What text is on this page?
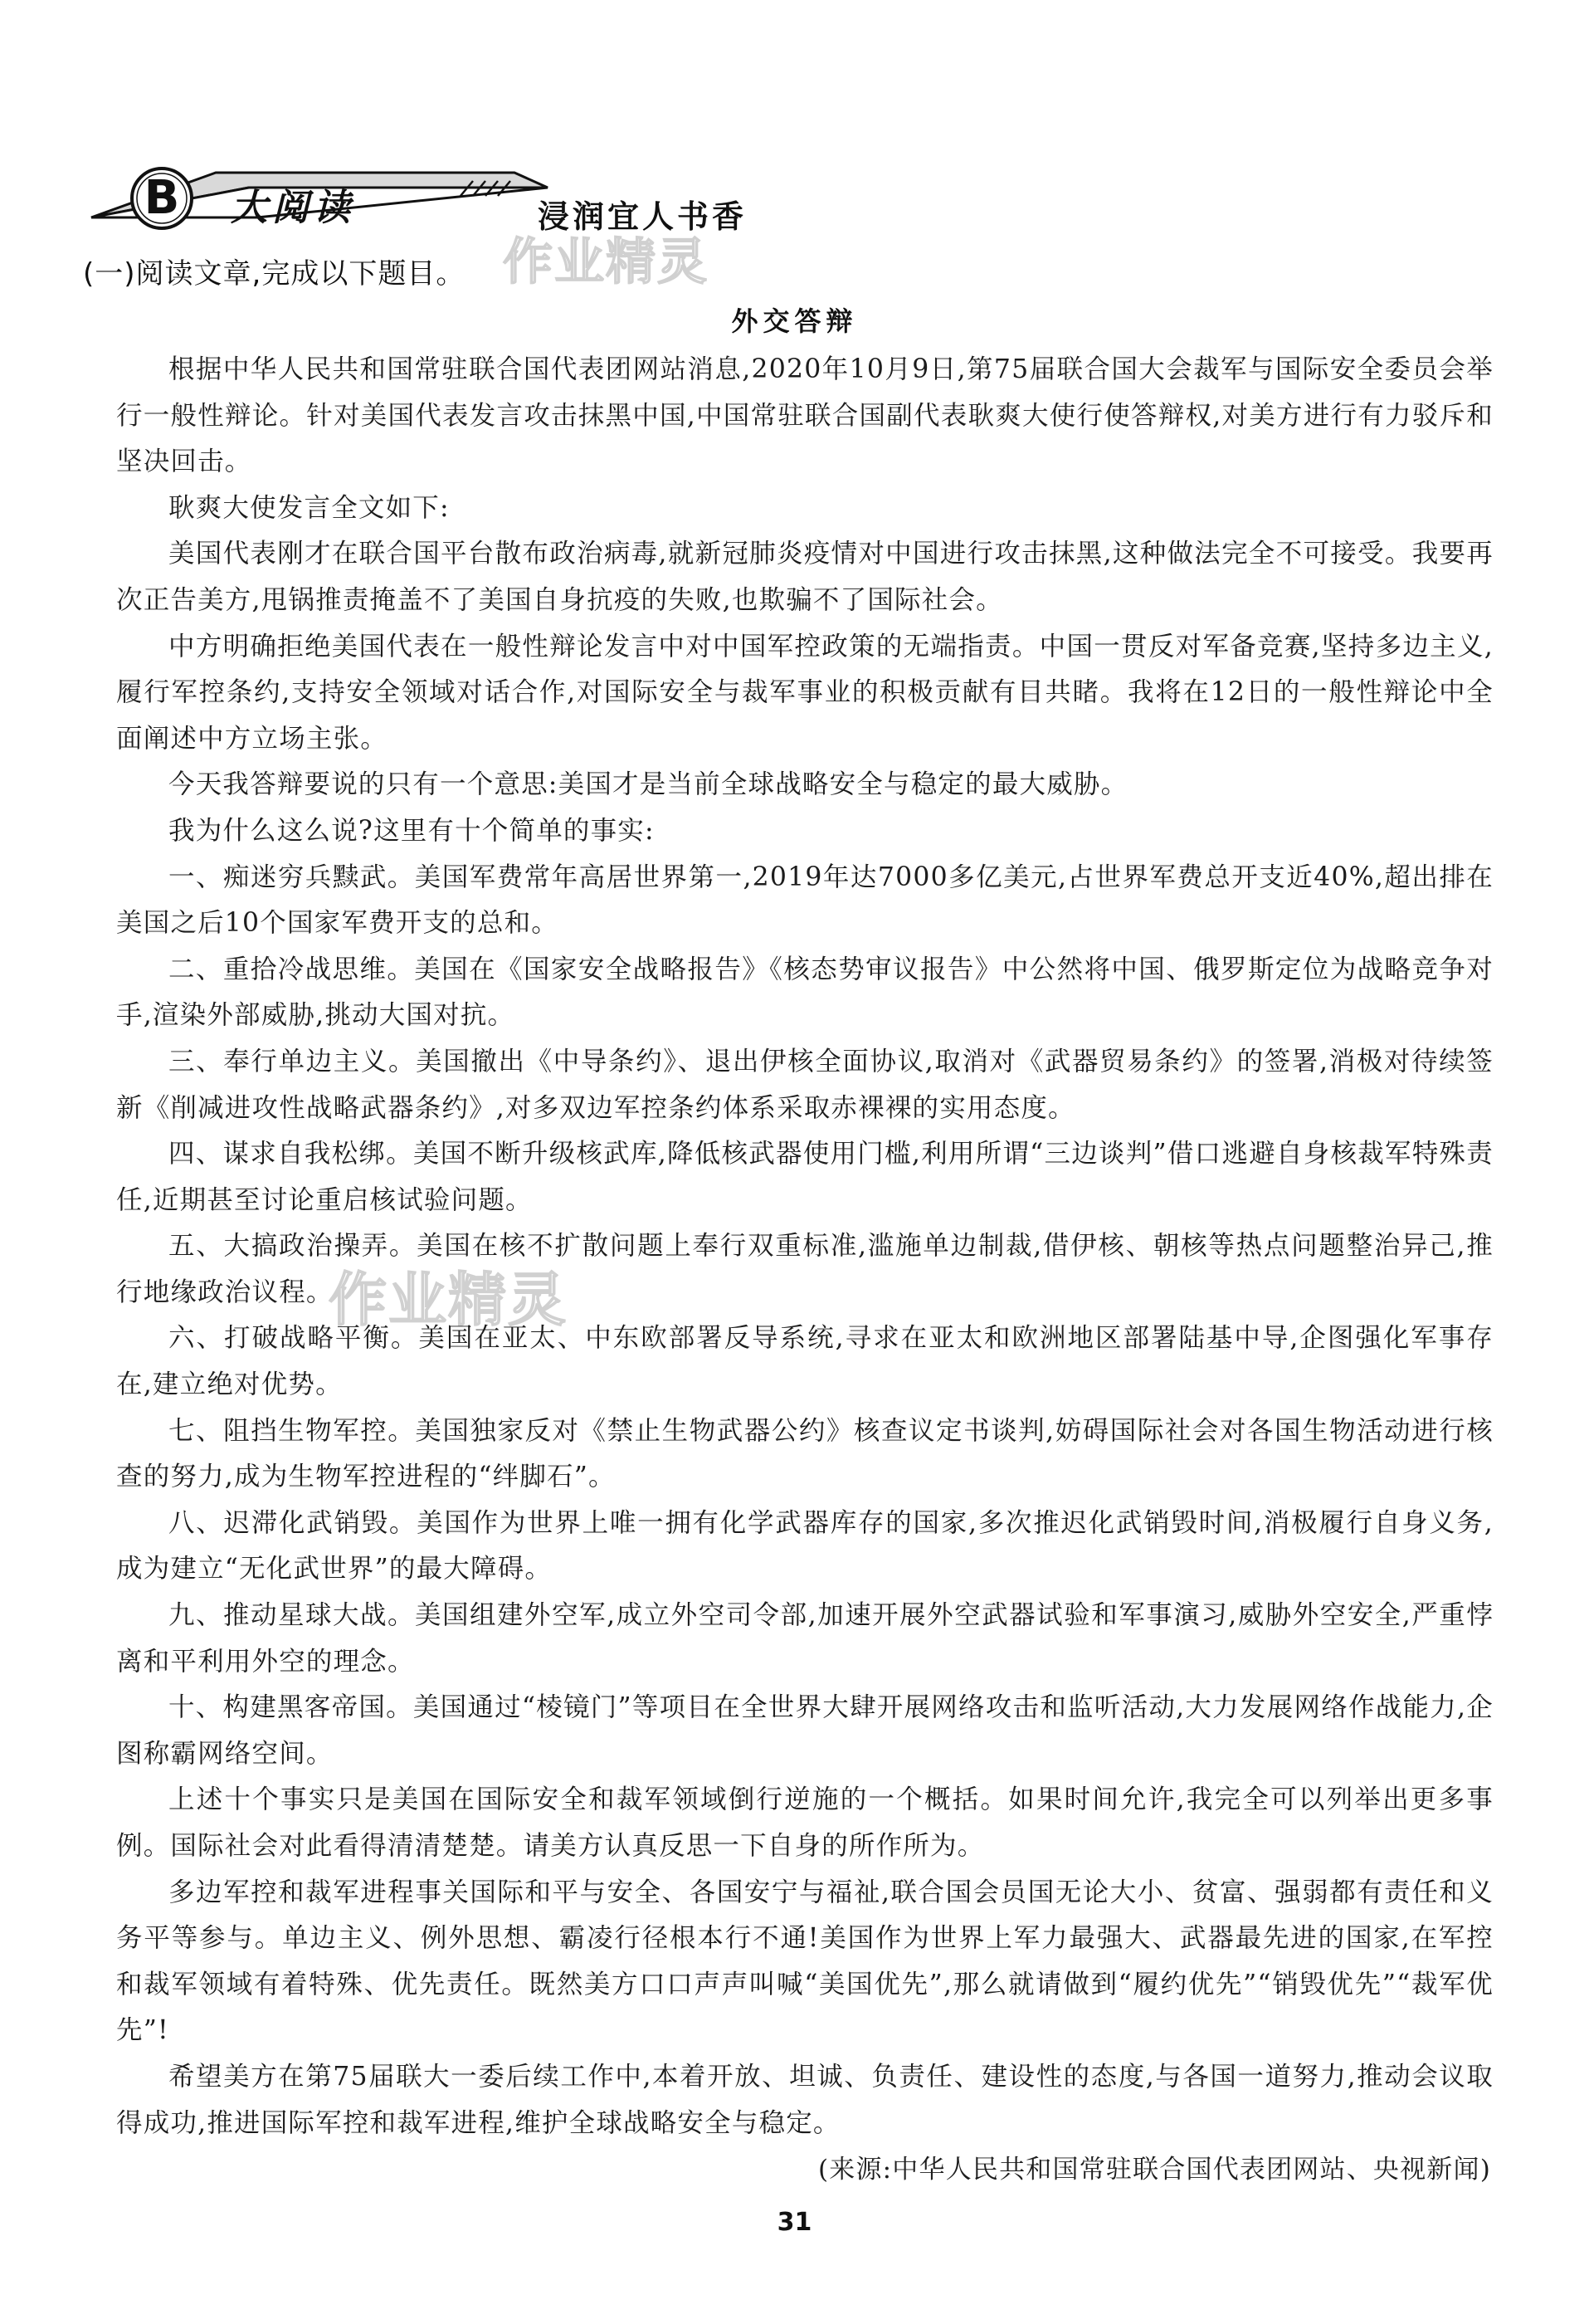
B	大阅读	浸润宜人书香
作业精灵
作业精灵
(一)阅读文章,完成以下题目。
外交答辩

根据中华人民共和国常驻联合国代表团网站消息,2020年10月9日,第75届联合国大会裁军与国际安全委员会举行一般性辩论。针对美国代表发言攻击抹黑中国,中国常驻联合国副代表耿爽大使行使答辩权,对美方进行有力驳斥和坚决回击。

耿爽大使发言全文如下:

美国代表刚才在联合国平台散布政治病毒,就新冠肺炎疫情对中国进行攻击抹黑,这种做法完全不可接受。我要再次正告美方,甩锅推责掩盖不了美国自身抗疫的失败,也欺骗不了国际社会。

中方明确拒绝美国代表在一般性辩论发言中对中国军控政策的无端指责。中国一贯反对军备竞赛,坚持多边主义,履行军控条约,支持安全领域对话合作,对国际安全与裁军事业的积极贡献有目共睹。我将在12日的一般性辩论中全面阐述中方立场主张。

今天我答辩要说的只有一个意思:美国才是当前全球战略安全与稳定的最大威胁。

我为什么这么说?这里有十个简单的事实:

一、痴迷穷兵黩武。美国军费常年高居世界第一,2019年达7000多亿美元,占世界军费总开支近40%,超出排在美国之后10个国家军费开支的总和。

二、重拾冷战思维。美国在《国家安全战略报告》《核态势审议报告》中公然将中国、俄罗斯定位为战略竞争对手,渲染外部威胁,挑动大国对抗。

三、奉行单边主义。美国撤出《中导条约》、退出伊核全面协议,取消对《武器贸易条约》的签署,消极对待续签新《削减进攻性战略武器条约》,对多双边军控条约体系采取赤裸裸的实用态度。

四、谋求自我松绑。美国不断升级核武库,降低核武器使用门槛,利用所谓“三边谈判”借口逃避自身核裁军特殊责任,近期甚至讨论重启核试验问题。

五、大搞政治操弄。美国在核不扩散问题上奉行双重标准,滥施单边制裁,借伊核、朝核等热点问题整治异己,推行地缘政治议程。

六、打破战略平衡。美国在亚太、中东欧部署反导系统,寻求在亚太和欧洲地区部署陆基中导,企图强化军事存在,建立绝对优势。

七、阻挡生物军控。美国独家反对《禁止生物武器公约》核查议定书谈判,妨碍国际社会对各国生物活动进行核查的努力,成为生物军控进程的“绊脚石”。

八、迟滞化武销毁。美国作为世界上唯一拥有化学武器库存的国家,多次推迟化武销毁时间,消极履行自身义务,成为建立“无化武世界”的最大障碍。

九、推动星球大战。美国组建外空军,成立外空司令部,加速开展外空武器试验和军事演习,威胁外空安全,严重悖离和平利用外空的理念。

十、构建黑客帝国。美国通过“棱镜门”等项目在全世界大肆开展网络攻击和监听活动,大力发展网络作战能力,企图称霸网络空间。

上述十个事实只是美国在国际安全和裁军领域倒行逆施的一个概括。如果时间允许,我完全可以列举出更多事例。国际社会对此看得清清楚楚。请美方认真反思一下自身的所作所为。

多边军控和裁军进程事关国际和平与安全、各国安宁与福祉,联合国会员国无论大小、贫富、强弱都有责任和义务平等参与。单边主义、例外思想、霸凌行径根本行不通!美国作为世界上军力最强大、武器最先进的国家,在军控和裁军领域有着特殊、优先责任。既然美方口口声声叫喊“美国优先”,那么就请做到“履约优先”“销毁优先”“裁军优先”!

希望美方在第75届联大一委后续工作中,本着开放、坦诚、负责任、建设性的态度,与各国一道努力,推动会议取得成功,推进国际军控和裁军进程,维护全球战略安全与稳定。

(来源:中华人民共和国常驻联合国代表团网站、央视新闻)
31
